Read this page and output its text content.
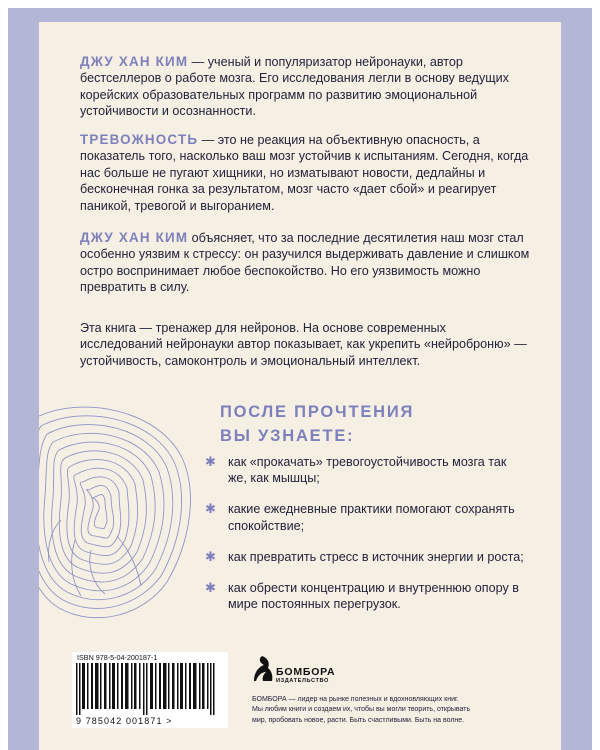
ДЖУ ХАН КИМ — ученый и популяризатор нейронауки, автор бестселлеров о работе мозга. Его исследования легли в основу ведущих корейских образовательных программ по развитию эмоциональной устойчивости и осознанности.

ТРЕВОЖНОСТЬ — это не реакция на объективную опасность, а показатель того, насколько ваш мозг устойчив к испытаниям. Сегодня, когда нас больше не пугают хищники, но изматывают новости, дедлайны и бесконечная гонка за результатом, мозг часто «дает сбой» и реагирует паникой, тревогой и выгоранием.

ДЖУ ХАН КИМ объясняет, что за последние десятилетия наш мозг стал особенно уязвим к стрессу: он разучился выдерживать давление и слишком остро воспринимает любое беспокойство. Но его уязвимость можно превратить в силу.

Эта книга — тренажер для нейронов. На основе современных исследований нейронауки автор показывает, как укрепить «нейроброню» — устойчивость, самоконтроль и эмоциональный интеллект.

ПОСЛЕ ПРОЧТЕНИЯ
ВЫ УЗНАЕТЕ:
✱ как «прокачать» тревогоустойчивость мозга так же, как мышцы;
✱ какие ежедневные практики помогают сохранять спокойствие;
✱ как превратить стресс в источник энергии и роста;
✱ как обрести концентрацию и внутреннюю опору в мире постоянных перегрузок.
ISBN 978-5-04-200187-1
9 785042 001871 >
БОМБОРА
ИЗДАТЕЛЬСТВО
БОМБОРА — лидер на рынке полезных и вдохновляющих книг.
Мы любим книги и создаем их, чтобы вы могли творить, открывать
мир, пробовать новое, расти. Быть счастливыми. Быть на волне.
